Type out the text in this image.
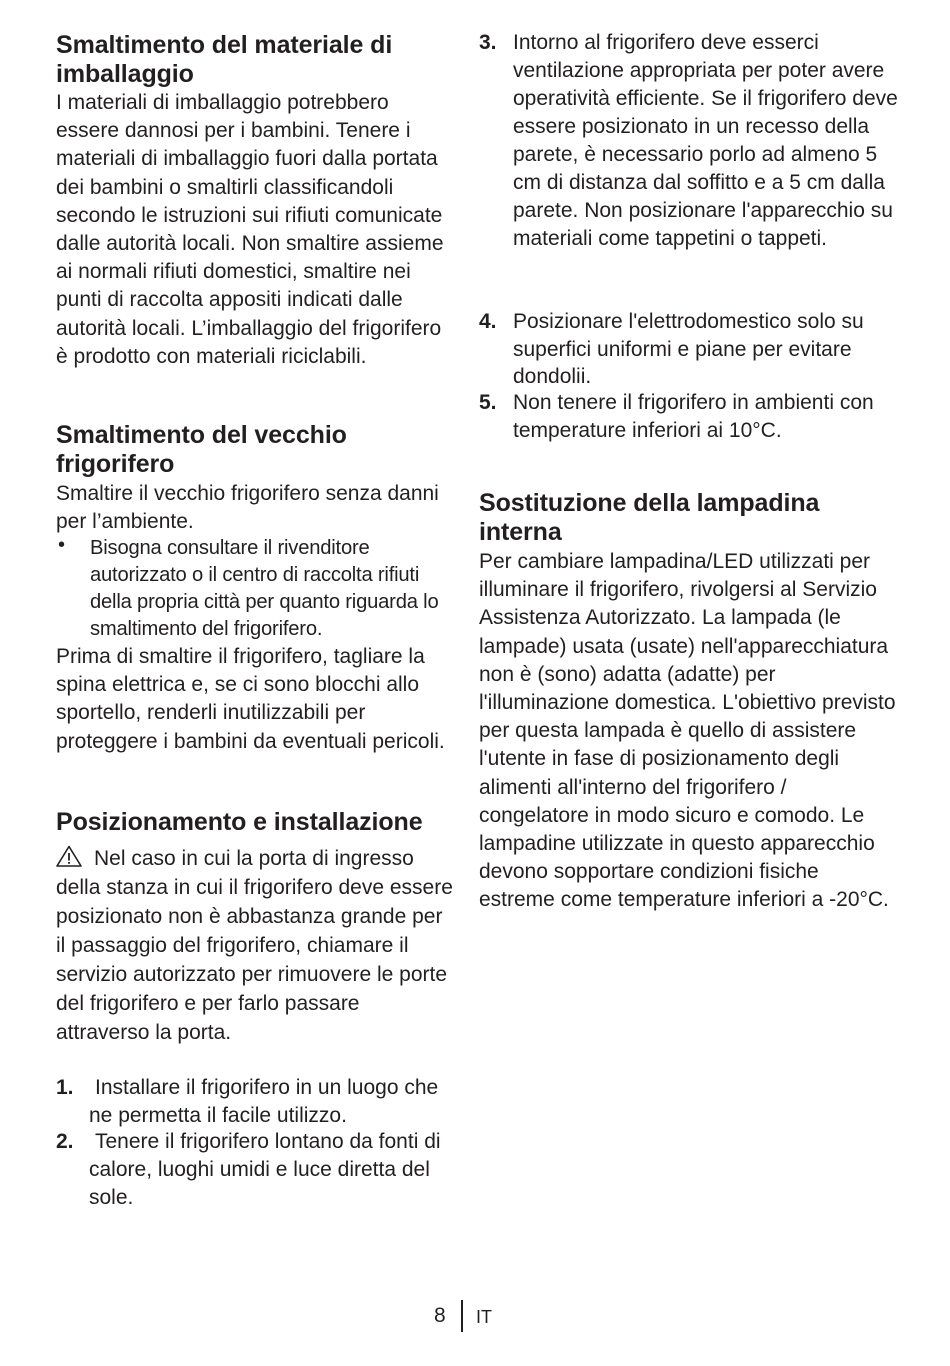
Smaltimento del materiale di imballaggio

I materiali di imballaggio potrebbero essere dannosi per i bambini. Tenere i materiali di imballaggio fuori dalla portata dei bambini o smaltirli classificandoli secondo le istruzioni sui rifiuti comunicate dalle autorità locali. Non smaltire assieme ai normali rifiuti domestici, smaltire nei punti di raccolta appositi indicati dalle autorità locali. L’imballaggio del frigorifero è prodotto con materiali riciclabili.

Smaltimento del vecchio frigorifero

Smaltire il vecchio frigorifero senza danni per l’ambiente.

•	Bisogna consultare il rivenditore autorizzato o il centro di raccolta rifiuti della propria città per quanto riguarda lo smaltimento del frigorifero.

Prima di smaltire il frigorifero, tagliare la spina elettrica e, se ci sono blocchi allo sportello, renderli inutilizzabili per proteggere i bambini da eventuali pericoli.

Posizionamento e installazione

Nel caso in cui la porta di ingresso della stanza in cui il frigorifero deve essere posizionato non è abbastanza grande per il passaggio del frigorifero, chiamare il servizio autorizzato per rimuovere le porte del frigorifero e per farlo passare attraverso la porta.

1.	Installare il frigorifero in un luogo che ne permetta il facile utilizzo.
2.	Tenere il frigorifero lontano da fonti di calore, luoghi umidi e luce diretta del sole.
3. Intorno al frigorifero deve esserci ventilazione appropriata per poter avere operatività efficiente. Se il frigorifero deve essere posizionato in un recesso della parete, è necessario porlo ad almeno 5 cm di distanza dal soffitto e a 5 cm dalla parete. Non posizionare l'apparecchio su materiali come tappetini o tappeti.
4. Posizionare l'elettrodomestico solo su superfici uniformi e piane per evitare dondolii.
5. Non tenere il frigorifero in ambienti con temperature inferiori ai 10°C.
Sostituzione della lampadina interna

Per cambiare lampadina/LED utilizzati per illuminare il frigorifero, rivolgersi al Servizio Assistenza Autorizzato. La lampada (le lampade) usata (usate) nell'apparecchiatura non è (sono) adatta (adatte) per l'illuminazione domestica. L'obiettivo previsto per questa lampada è quello di assistere l'utente in fase di posizionamento degli alimenti all'interno del frigorifero / congelatore in modo sicuro e comodo. Le lampadine utilizzate in questo apparecchio devono sopportare condizioni fisiche estreme come temperature inferiori a -20°C.

8 IT
